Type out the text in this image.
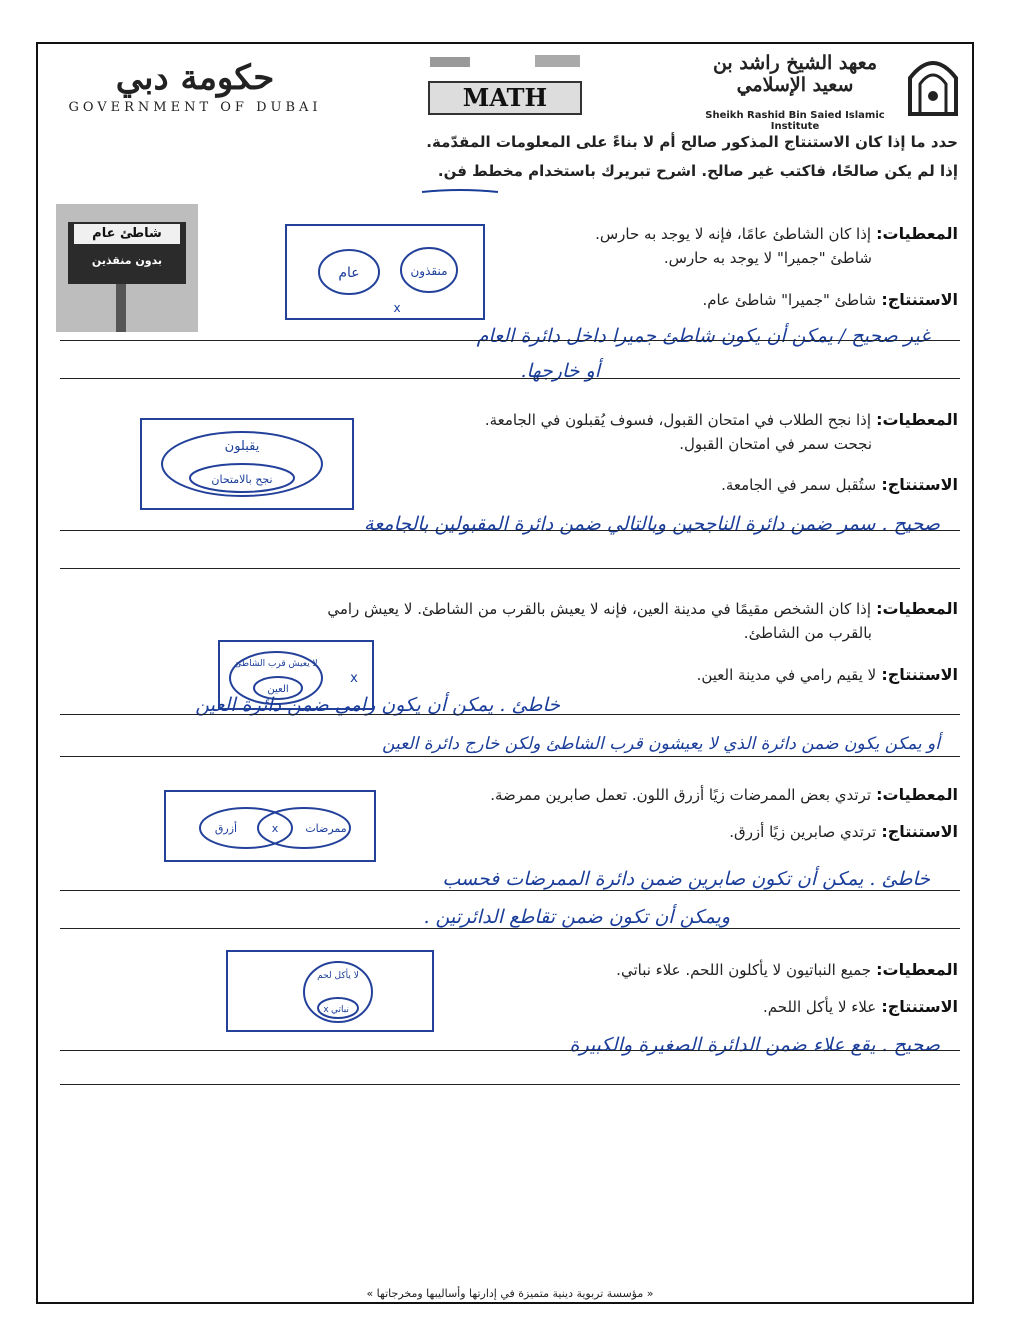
حكومة دبي
GOVERNMENT OF DUBAI	MATH
معهد الشيخ راشد بن سعيد الإسلامي
Sheikh Rashid Bin Saied Islamic Institute
حدد ما إذا كان الاستنتاج المذكور صالح أم لا بناءً على المعلومات المقدّمة.
إذا لم يكن صالحًا، فاكتب غير صالح. اشرح تبريرك باستخدام مخطط فن.
شاطئ عام
بدون منقذين
المعطيات: إذا كان الشاطئ عامًا، فإنه لا يوجد به حارس.
شاطئ "جميرا" لا يوجد به حارس.
الاستنتاج: شاطئ "جميرا" شاطئ عام.
عام	منقذون
x
غير صحيح / يمكن أن يكون شاطئ جميرا داخل دائرة العام
أو خارجها.
المعطيات: إذا نجح الطلاب في امتحان القبول، فسوف يُقبلون في الجامعة.
نجحت سمر في امتحان القبول.
الاستنتاج: ستُقبل سمر في الجامعة.
يقبلون
نجح بالامتحان
صحيح . سمر ضمن دائرة الناجحين وبالتالي ضمن دائرة المقبولين بالجامعة
المعطيات: إذا كان الشخص مقيمًا في مدينة العين، فإنه لا يعيش بالقرب من الشاطئ. لا يعيش رامي
بالقرب من الشاطئ.
الاستنتاج: لا يقيم رامي في مدينة العين.
لا يعيش قرب الشاطئ
العين
x
خاطئ . يمكن أن يكون رامي ضمن دائرة العين
أو يمكن يكون ضمن دائرة الذي لا يعيشون قرب الشاطئ ولكن خارج دائرة العين
المعطيات: ترتدي بعض الممرضات زيًا أزرق اللون. تعمل صابرين ممرضة.
الاستنتاج: ترتدي صابرين زيًا أزرق.
أزرق	ممرضات
x
خاطئ . يمكن أن تكون صابرين ضمن دائرة الممرضات فحسب
ويمكن أن تكون ضمن تقاطع الدائرتين .
المعطيات: جميع النباتيون لا يأكلون اللحم. علاء نباتي.
الاستنتاج: علاء لا يأكل اللحم.
لا يأكل لحم
نباتي
x
صحيح . يقع علاء ضمن الدائرة الصغيرة والكبيرة
« مؤسسة تربوية دينية متميزة في إدارتها وأساليبها ومخرجاتها »
